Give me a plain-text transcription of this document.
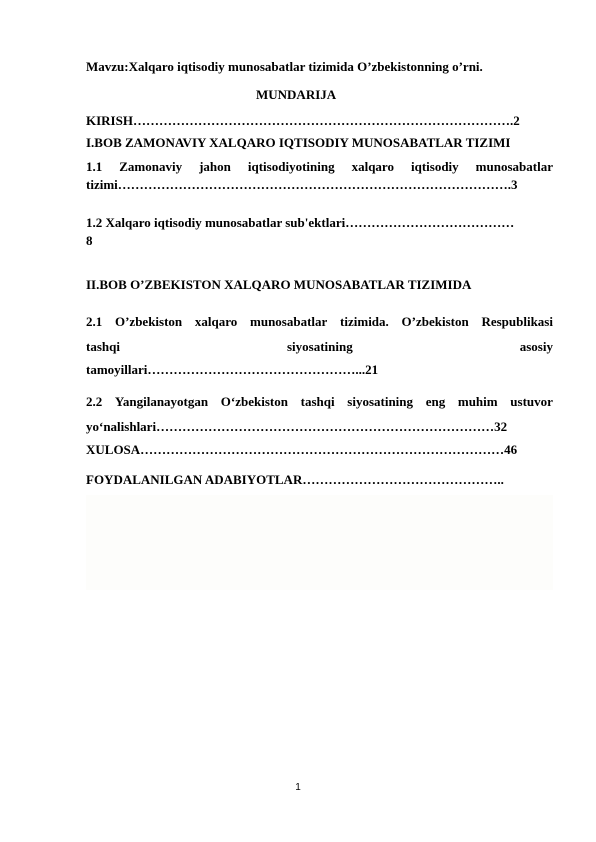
Mavzu:Xalqaro iqtisodiy munosabatlar tizimida O’zbekistonning o’rni.
MUNDARIJA
KIRISH…………………………………………………………………………….2
I.BOB ZAMONAVIY XALQARO IQTISODIY MUNOSABATLAR TIZIMI
1.1 Zamonaviy jahon iqtisodiyotining xalqaro iqtisodiy munosabatlar
tizimi……………………………………………………………………………….3
1.2 Xalqaro iqtisodiy munosabatlar sub'ektlari…………………………………
8
II.BOB O’ZBEKISTON XALQARO MUNOSABATLAR TIZIMIDA
2.1 O’zbekiston xalqaro munosabatlar tizimida. O’zbekiston Respublikasi
tashqi	siyosatining	asosiy
tamoyillari…………………………………………...21
2.2 Yangilanayotgan O‘zbekiston tashqi siyosatining eng muhim ustuvor
yo‘nalishlari……………………………………………………………………32
XULOSA…………………………………………………………………………46
FOYDALANILGAN ADABIYOTLAR………………………………………..
1
